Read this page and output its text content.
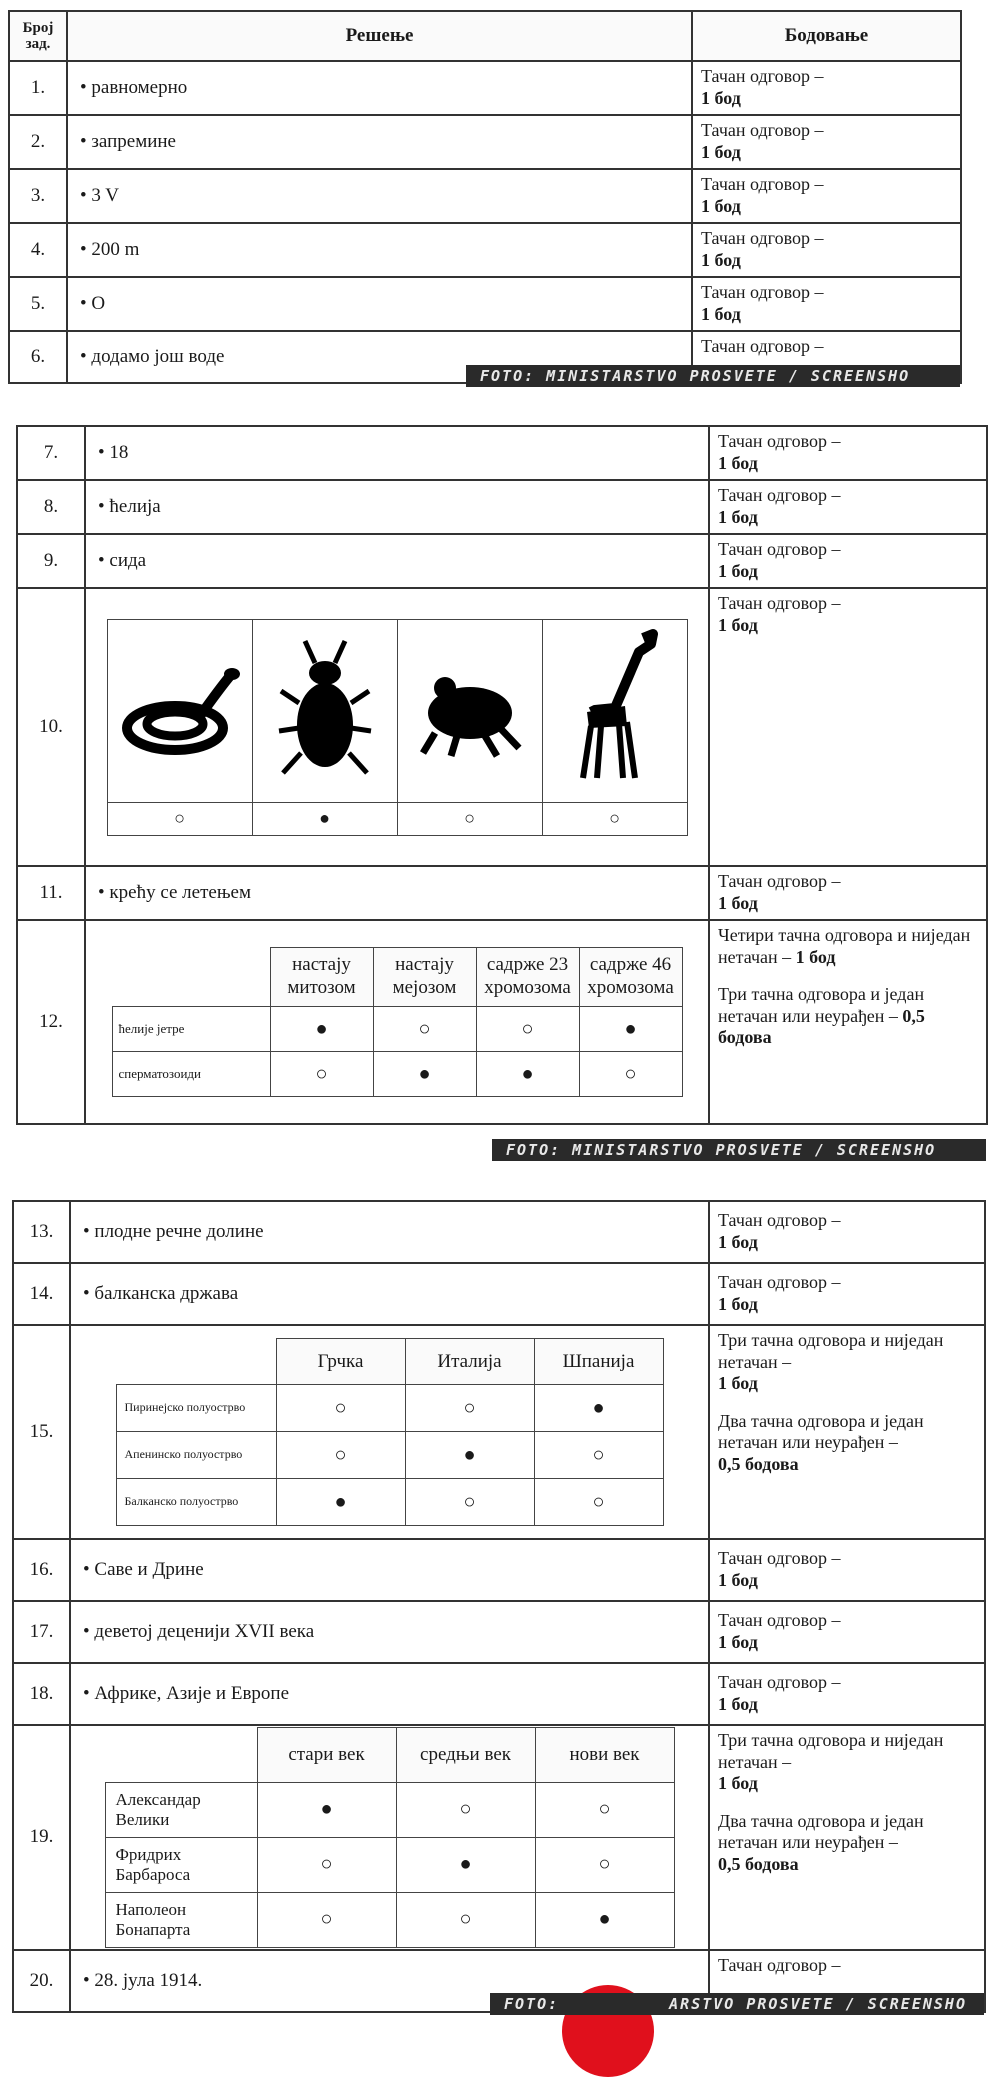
Број
зад.	Решење	Бодовање
1.	• равномерно	Тачан одговор –
1 бод

2.	• запремине	Тачан одговор –
1 бод

3.	• 3 V	Тачан одговор –
1 бод

4.	• 200 m	Тачан одговор –
1 бод

5.	• O	Тачан одговор –
1 бод

6.	• додамо још воде	Тачан одговор –
FOTO: MINISTARSTVO PROSVETE / SCREENSHO
7.	• 18	Тачан одговор –
1 бод

8.	• ћелија	Тачан одговор –
1 бод

9.	• сида	Тачан одговор –
1 бод

10.	

○	●	○	○
	Тачан одговор –
1 бод

11.	• крећу се летењем	Тачан одговор –
1 бод

12.	
	настају митозом	настају мејозом	садрже 23 хромозома	садрже 46 хромозома
ћелије јетре	●	○	○	●
сперматозоиди	○	●	●	○
	Четири тачна одговора и ниједан нетачан – 1 бод
Три тачна одговора и један нетачан или неурађен – 0,5 бодова
FOTO: MINISTARSTVO PROSVETE / SCREENSHO
13.	• плодне речне долине	Тачан одговор –
1 бод

14.	• балканска држава	Тачан одговор –
1 бод

15.	
	Грчка	Италија	Шпанија
Пиринејско полуострво	○	○	●
Апенинско полуострво	○	●	○
Балканско полуострво	●	○	○
	Три тачна одговора и ниједан нетачан –
1 бод
Два тачна одговора и један нетачан или неурађен –
0,5 бодова

16.	• Саве и Дрине	Тачан одговор –
1 бод

17.	• деветој деценији XVII века	Тачан одговор –
1 бод

18.	• Африке, Азије и Европе	Тачан одговор –
1 бод

19.	
	стари век	средњи век	нови век
Александар Велики	●	○	○
Фридрих Барбароса	○	●	○
Наполеон Бонапарта	○	○	●
	Три тачна одговора и ниједан нетачан –
1 бод
Два тачна одговора и један нетачан или неурађен –
0,5 бодова

20.	• 28. јула 1914.	Тачан одговор –
FOTO:	ARSTVO PROSVETE / SCREENSHO
